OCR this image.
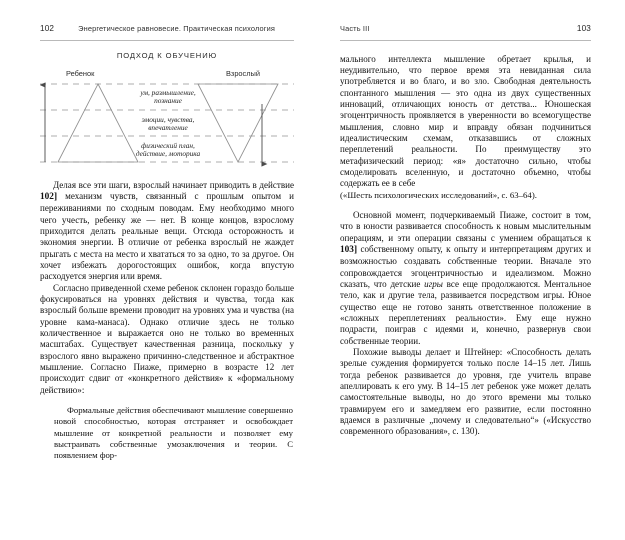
102	Энергетическое равновесие. Практическая психология
ПОДХОД К ОБУЧЕНИЮ
Ребенок	Взрослый
ум, размышление,
познание
эмоции, чувства,
впечатление
физический план,
действие, моторика

Делая все эти шаги, взрослый начинает приводить в действие 102] механизм чувств, связанный с прошлым опытом и переживаниями по сходным поводам. Ему необходимо много чего учесть, ребенку же — нет. В конце концов, взрослому приходится делать реальные вещи. Отсюда осторожность и экономия энергии. В отличие от ребенка взрослый не жаждет прыгать с места на место и хвататься то за одно, то за другое. Он хочет избежать дорогостоящих ошибок, когда впустую расходуется энергия или время.

Согласно приведенной схеме ребенок склонен гораздо больше фокусироваться на уровнях действия и чувства, тогда как взрослый больше времени проводит на уровнях ума и чувства (на уровне кама-манаса). Однако отличие здесь не только количественное и выражается оно не только во временных масштабах. Существует качественная разница, поскольку у взрослого явно выражено причинно-следственное и абстрактное мышление. Согласно Пиаже, примерно в возрасте 12 лет происходит сдвиг от «конкретного действия» к «формальному действию»:

Формальные действия обеспечивают мышление совершенно новой способностью, которая отстраняет и освобождает мышление от конкретной реальности и позволяет ему выстраивать собственные умозаключения и теории. С появлением фор-

Часть III	103

мального интеллекта мышление обретает крылья, и неудивительно, что первое время эта невиданная сила употребляется и во благо, и во зло. Свободная деятельность спонтанного мышления — это одна из двух существенных инноваций, отличающих юность от детства... Юношеская эгоцентричность проявляется в уверенности во всемогуществе мышления, словно мир и вправду обязан подчиниться идеалистическим схемам, отказавшись от сложных переплетений реальности. По преимуществу это метафизический период: «я» достаточно сильно, чтобы смоделировать вселенную, и достаточно объемно, чтобы содержать ее в себе

(«Шесть психологических исследований», с. 63–64).

Основной момент, подчеркиваемый Пиаже, состоит в том, что в юности развивается способность к новым мыслительным операциям, и эти операции связаны с умением обращаться к 103] собственному опыту, к опыту и интерпретациям других и возможностью создавать собственные теории. Вначале это сопровождается эгоцентричностью и идеализмом. Можно сказать, что детские игры все еще продолжаются. Ментальное тело, как и другие тела, развивается посредством игры. Юное существо еще не готово занять ответственное положение в «сложных переплетениях реальности». Ему еще нужно подрасти, поиграв с идеями и, конечно, развернув свои собственные теории.

Похожие выводы делает и Штейнер: «Способность делать зрелые суждения формируется только после 14–15 лет. Лишь тогда ребенок развивается до уровня, где учитель вправе апеллировать к его уму. В 14–15 лет ребенок уже может делать самостоятельные выводы, но до этого времени мы только травмируем его и замедляем его развитие, если постоянно вдаемся в различные „почему и следовательно“» («Искусство современного образования», с. 130).
